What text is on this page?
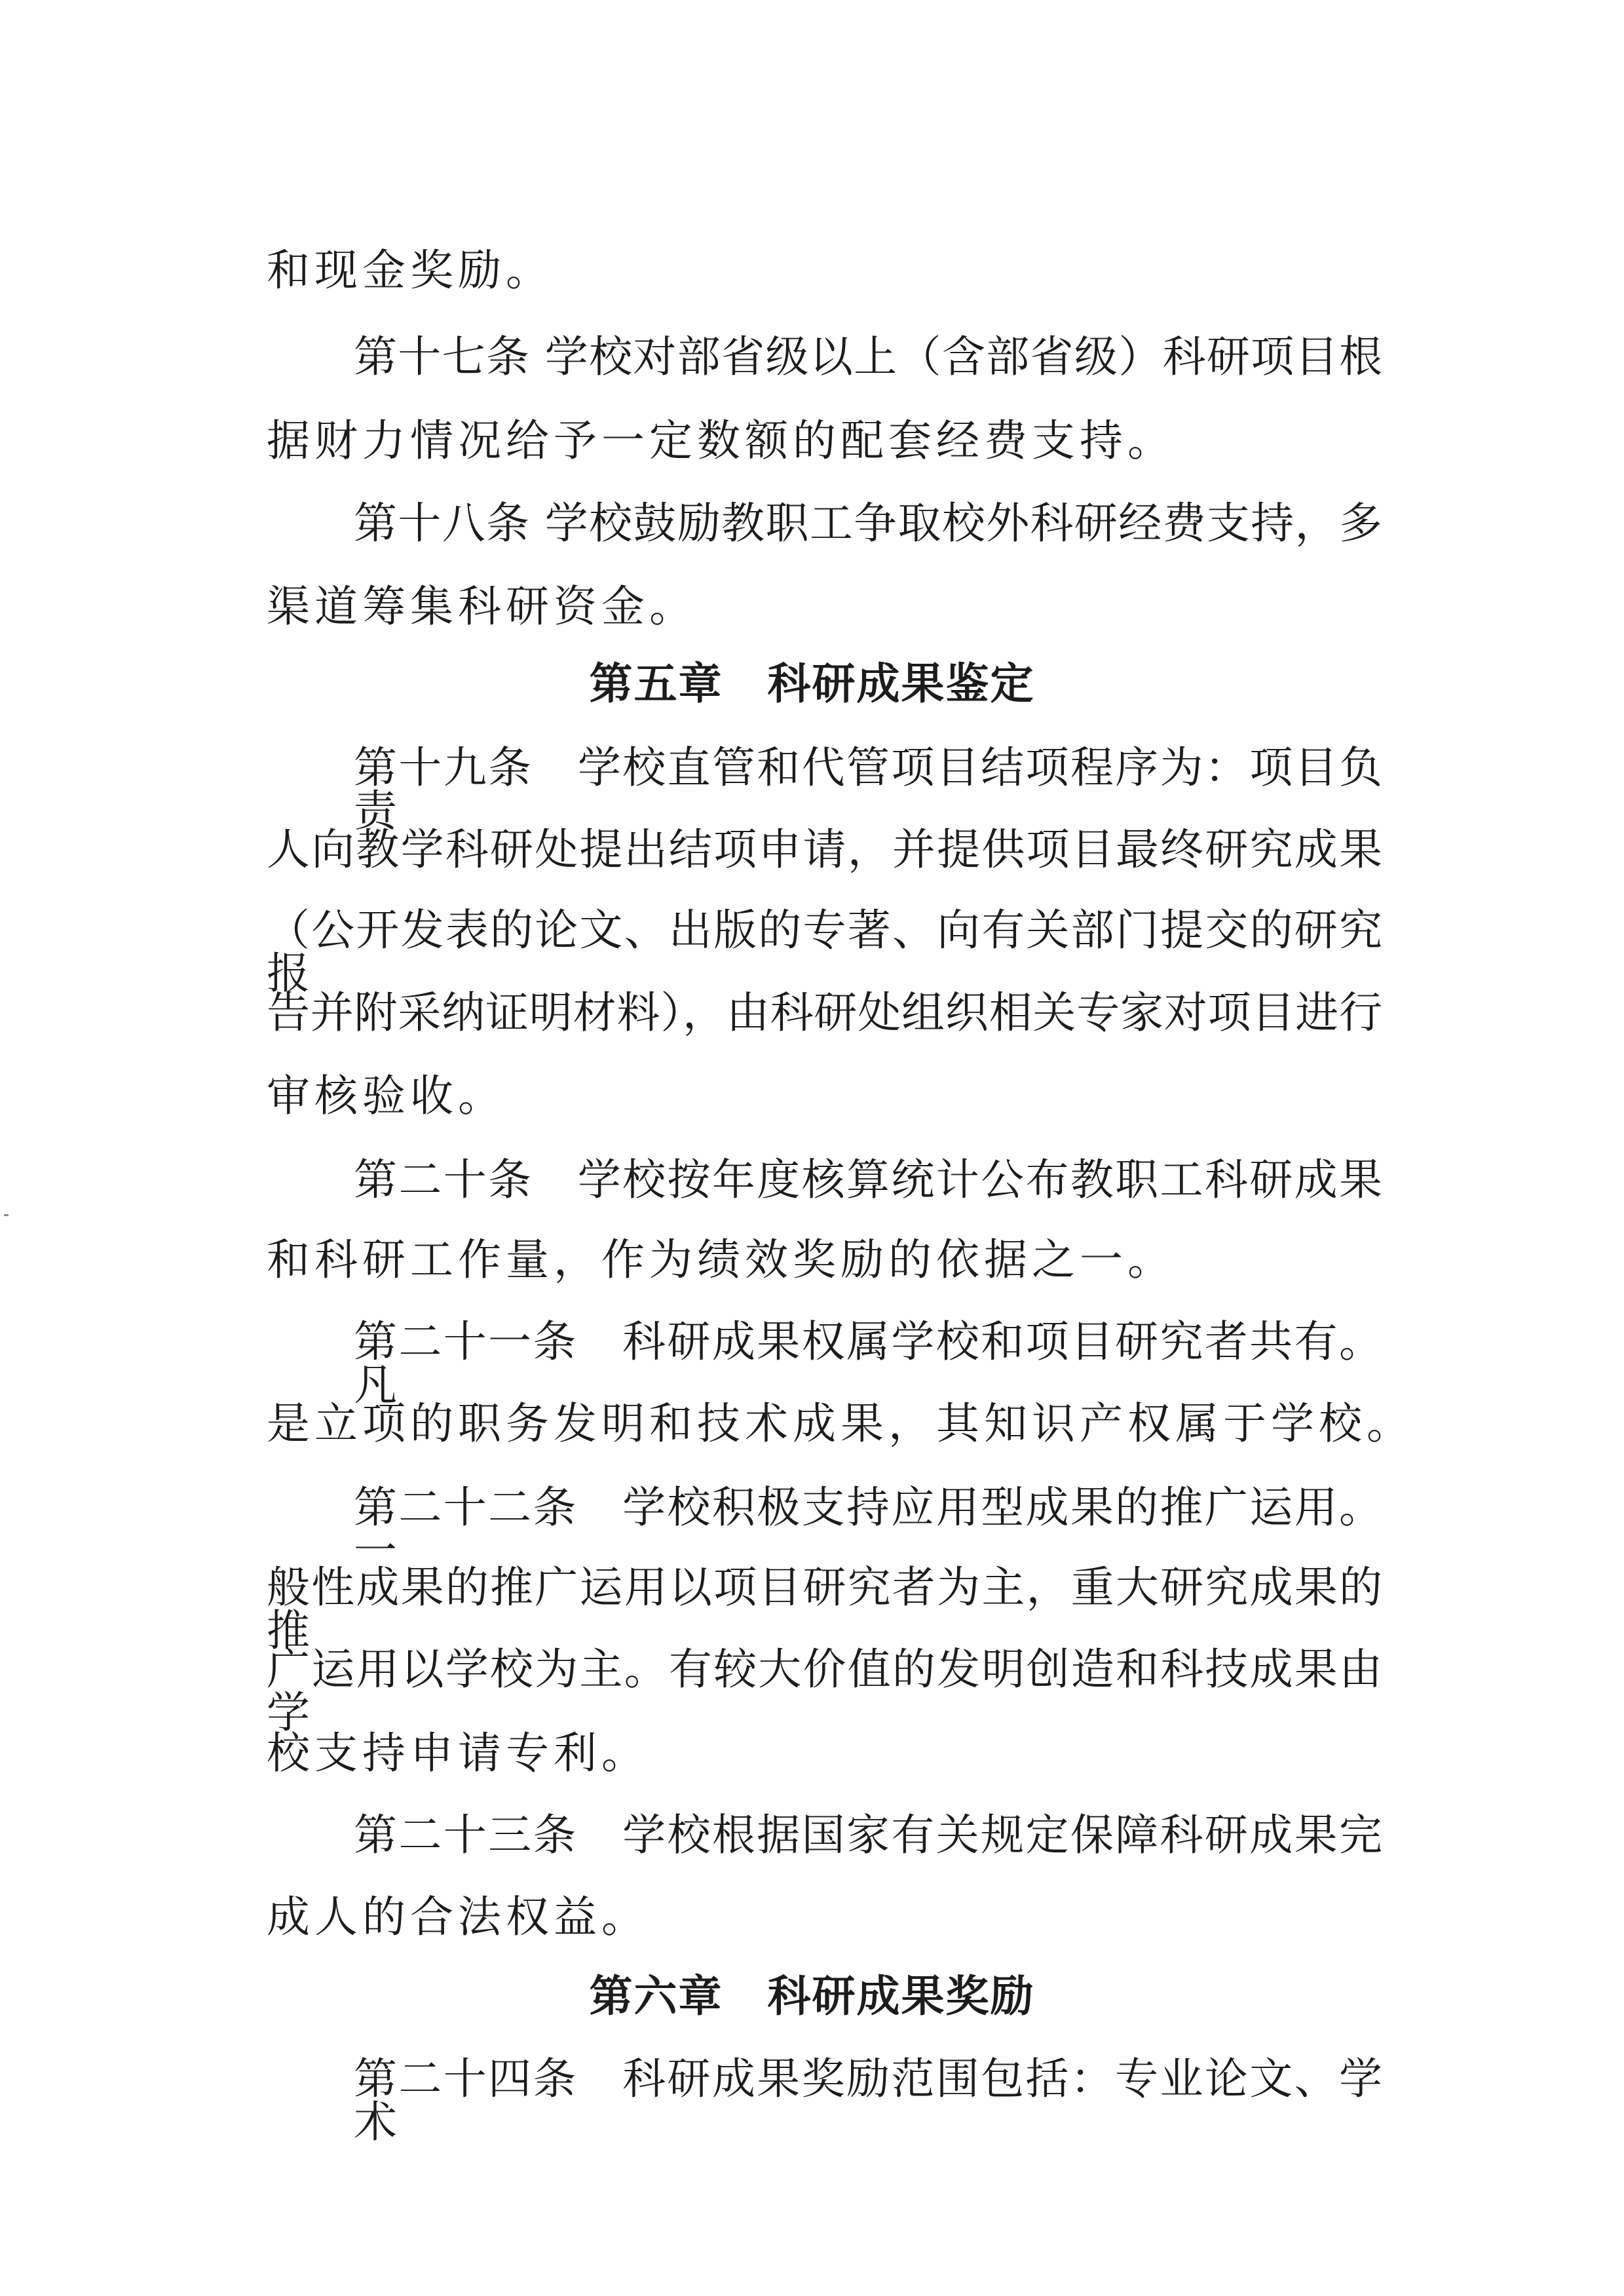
和现金奖励。

第十七条 学校对部省级以上（含部省级）科研项目根

据财力情况给予一定数额的配套经费支持。

第十八条 学校鼓励教职工争取校外科研经费支持，多

渠道筹集科研资金。

第五章　科研成果鉴定

第十九条　学校直管和代管项目结项程序为：项目负责

人向教学科研处提出结项申请，并提供项目最终研究成果

（公开发表的论文、出版的专著、向有关部门提交的研究报

告并附采纳证明材料），由科研处组织相关专家对项目进行

审核验收。

第二十条　学校按年度核算统计公布教职工科研成果

和科研工作量，作为绩效奖励的依据之一。

第二十一条　科研成果权属学校和项目研究者共有。凡

是立项的职务发明和技术成果，其知识产权属于学校。

第二十二条　学校积极支持应用型成果的推广运用。一

般性成果的推广运用以项目研究者为主，重大研究成果的推

广运用以学校为主。有较大价值的发明创造和科技成果由学

校支持申请专利。

第二十三条　学校根据国家有关规定保障科研成果完

成人的合法权益。

第六章　科研成果奖励

第二十四条　科研成果奖励范围包括：专业论文、学术
